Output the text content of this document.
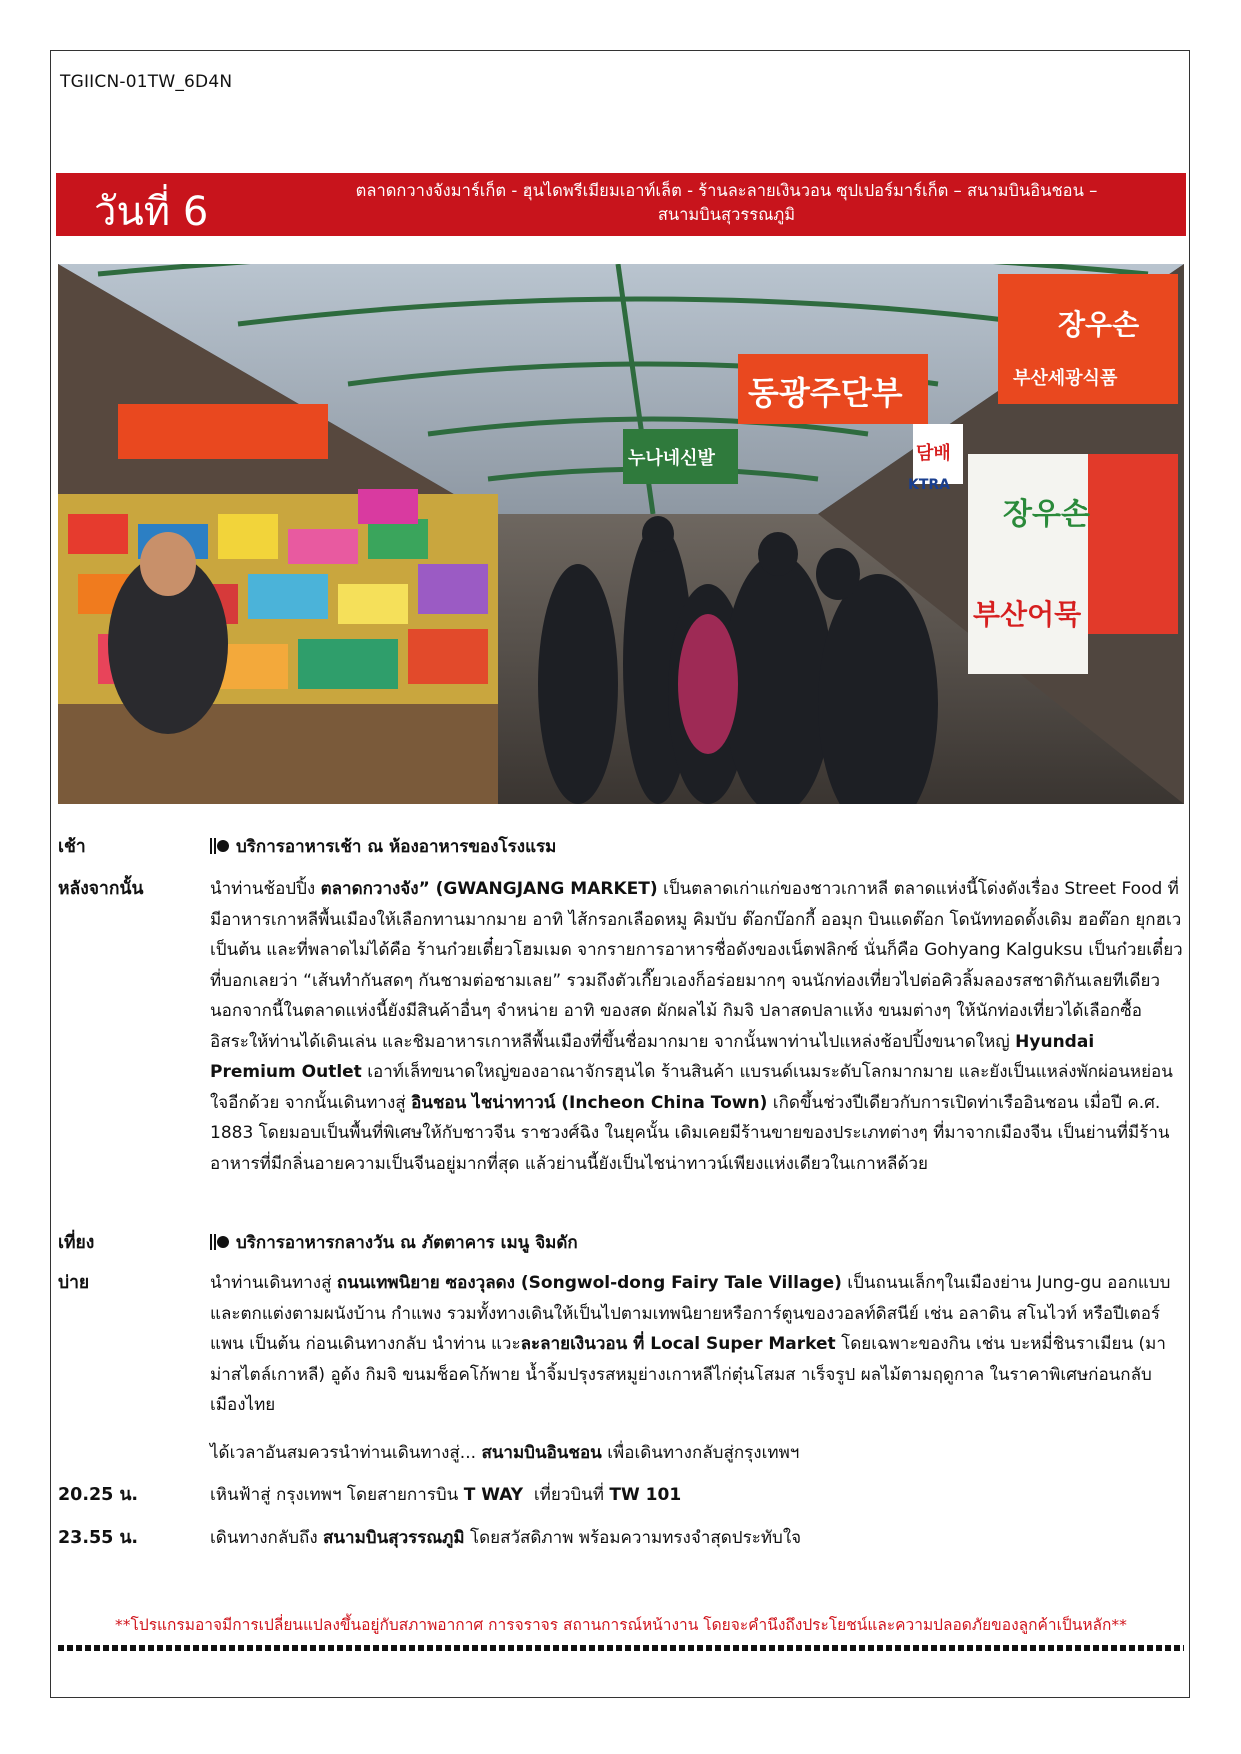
TGIICN-01TW_6D4N
วันที่ 6	ตลาดกวางจังมาร์เก็ต - ฮุนไดพรีเมียมเอาท์เล็ต - ร้านละลายเงินวอน ซุปเปอร์มาร์เก็ต – สนามบินอินชอน –
สนามบินสุวรรณภูมิ
동광주단부
장우손
부산세광식품
담배
KTRA
장우손
부산어묵
누나네신발
เช้า	บริการอาหารเช้า ณ ห้องอาหารของโรงแรม
หลังจากนั้น	นำท่านช้อปปิ้ง ตลาดกวางจัง” (GWANGJANG MARKET) เป็นตลาดเก่าแก่ของชาวเกาหลี ตลาดแห่งนี้โด่งดังเรื่อง Street Food ที่มีอาหารเกาหลีพื้นเมืองให้เลือกทานมากมาย อาทิ ไส้กรอกเลือดหมู คิมบับ ต๊อกบ๊อกกี้ ออมุก บินแดต๊อก โดนัททอดดั้งเดิม ฮอต๊อก ยุกฮเว เป็นต้น และที่พลาดไม่ได้คือ ร้านก๋วยเตี๋ยวโฮมเมด จากรายการอาหารชื่อดังของเน็ตฟลิกซ์ นั่นก็คือ Gohyang Kalguksu เป็นก๋วยเตี๋ยวที่บอกเลยว่า “เส้นทำกันสดๆ กันชามต่อชามเลย” รวมถึงตัวเกี๊ยวเองก็อร่อยมากๆ จนนักท่องเที่ยวไปต่อคิวลิ้มลองรสชาติกันเลยทีเดียว นอกจากนี้ในตลาดแห่งนี้ยังมีสินค้าอื่นๆ จำหน่าย อาทิ ของสด ผักผลไม้ กิมจิ ปลาสดปลาแห้ง ขนมต่างๆ ให้นักท่องเที่ยวได้เลือกซื้อ อิสระให้ท่านได้เดินเล่น และชิมอาหารเกาหลีพื้นเมืองที่ขึ้นชื่อมากมาย จากนั้นพาท่านไปแหล่งช้อปปิ้งขนาดใหญ่ Hyundai Premium Outlet เอาท์เล็ทขนาดใหญ่ของอาณาจักรฮุนได ร้านสินค้า แบรนด์เนมระดับโลกมากมาย และยังเป็นแหล่งพักผ่อนหย่อนใจอีกด้วย จากนั้นเดินทางสู่ อินชอน ไชน่าทาวน์ (Incheon China Town) เกิดขึ้นช่วงปีเดียวกับการเปิดท่าเรืออินชอน เมื่อปี ค.ศ. 1883 โดยมอบเป็นพื้นที่พิเศษให้กับชาวจีน ราชวงศ์ฉิง ในยุคนั้น เดิมเคยมีร้านขายของประเภทต่างๆ ที่มาจากเมืองจีน เป็นย่านที่มีร้านอาหารที่มีกลิ่นอายความเป็นจีนอยู่มากที่สุด แล้วย่านนี้ยังเป็นไชน่าทาวน์เพียงแห่งเดียวในเกาหลีด้วย
เที่ยง	บริการอาหารกลางวัน ณ ภัตตาคาร เมนู จิมดัก
บ่าย	นำท่านเดินทางสู่ ถนนเทพนิยาย ซองวุลดง (Songwol-dong Fairy Tale Village) เป็นถนนเล็กๆในเมืองย่าน Jung-gu ออกแบบและตกแต่งตามผนังบ้าน กำแพง รวมทั้งทางเดินให้เป็นไปตามเทพนิยายหรือการ์ตูนของวอลท์ดิสนีย์ เช่น อลาดิน สโนไวท์ หรือปีเตอร์แพน เป็นต้น ก่อนเดินทางกลับ นำท่าน แวะละลายเงินวอน ที่ Local Super Market โดยเฉพาะของกิน เช่น บะหมี่ชินราเมียน (มาม่าสไตล์เกาหลี) อูด้ง กิมจิ ขนมช็อคโก้พาย น้ำจิ้มปรุงรสหมูย่างเกาหลีไก่ตุ๋นโสมส าเร็จรูป ผลไม้ตามฤดูกาล ในราคาพิเศษก่อนกลับเมืองไทย
ได้เวลาอันสมควรนำท่านเดินทางสู่... สนามบินอินชอน เพื่อเดินทางกลับสู่กรุงเทพฯ
20.25 น.	เหินฟ้าสู่ กรุงเทพฯ โดยสายการบิน T WAY  เที่ยวบินที่ TW 101
23.55 น.	เดินทางกลับถึง สนามบินสุวรรณภูมิ โดยสวัสดิภาพ พร้อมความทรงจำสุดประทับใจ
**โปรแกรมอาจมีการเปลี่ยนแปลงขึ้นอยู่กับสภาพอากาศ การจราจร สถานการณ์หน้างาน โดยจะคำนึงถึงประโยชน์และความปลอดภัยของลูกค้าเป็นหลัก**
